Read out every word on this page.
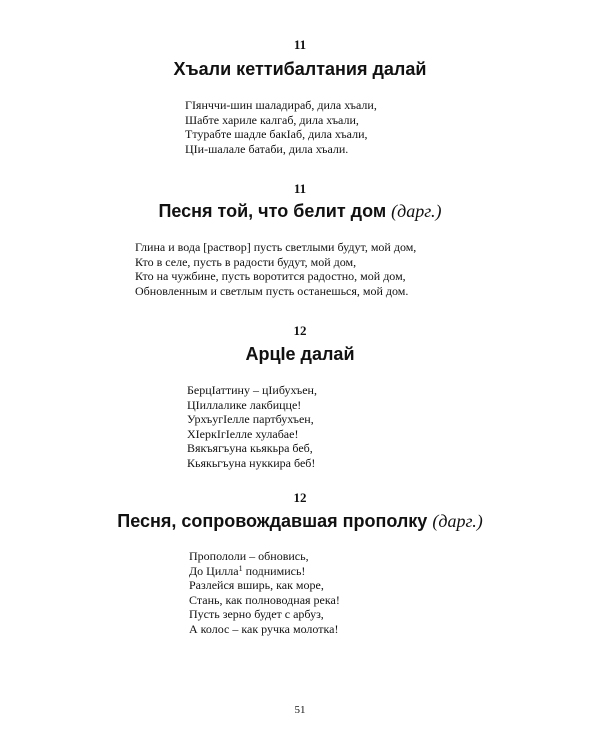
11
Хъали кеттибалтания далай
ГІянччи-шин шаладираб, дила хъали,
Шабте хариле калгаб, дила хъали,
Ттурабте шадле бакІаб, дила хъали,
ЦІи-шалале батаби, дила хъали.
11
Песня той, что белит дом (дарг.)
Глина и вода [раствор] пусть светлыми будут, мой дом,
Кто в селе, пусть в радости будут, мой дом,
Кто на чужбине, пусть воротится радостно, мой дом,
Обновленным и светлым пусть останешься, мой дом.
12
АрцІе далай
БерцІаттину – цІибухъен,
ЦІиллалике лакбицце!
УрхъугІелле партбухъен,
ХІеркІгІелле хулабае!
Вякъягъуна кьякьра беб,
Кьякьгъуна нуккира беб!
12
Песня, сопровождавшая прополку (дарг.)
Пропололи – обновись,
До Цилла$^1$ поднимись!
Разлейся вширь, как море,
Стань, как полноводная река!
Пусть зерно будет с арбуз,
А колос – как ручка молотка!
51
